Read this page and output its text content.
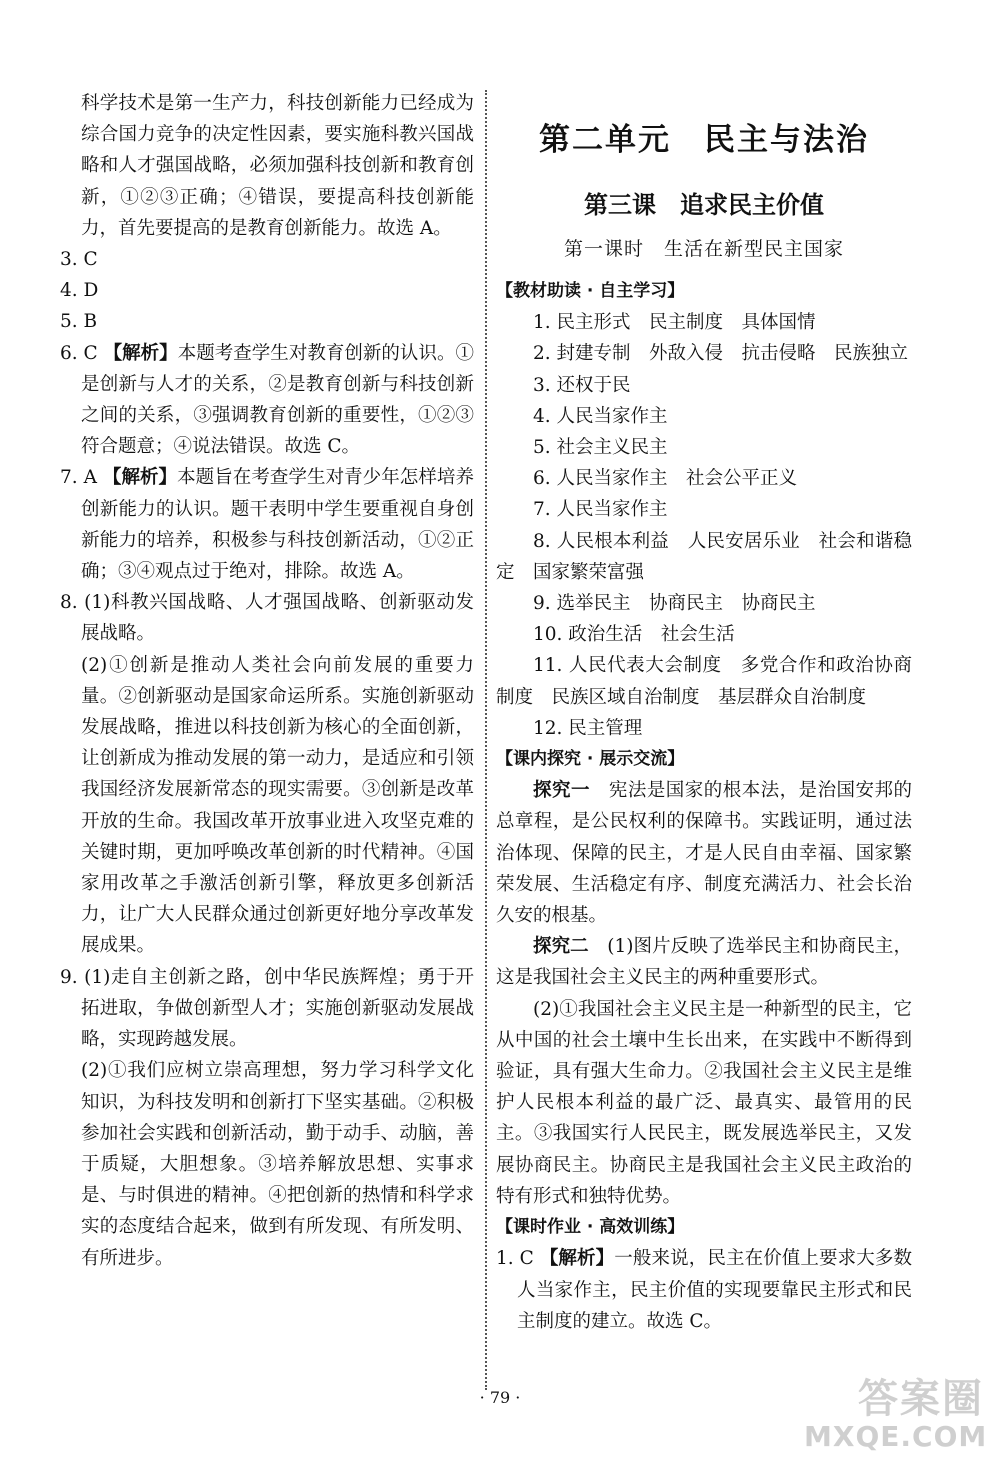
科学技术是第一生产力，科技创新能力已经成为综合国力竞争的决定性因素，要实施科教兴国战略和人才强国战略，必须加强科技创新和教育创新，①②③正确；④错误，要提高科技创新能力，首先要提高的是教育创新能力。故选 A。

3. C

4. D

5. B

6. C 【解析】本题考查学生对教育创新的认识。①是创新与人才的关系，②是教育创新与科技创新之间的关系，③强调教育创新的重要性，①②③符合题意；④说法错误。故选 C。

7. A 【解析】本题旨在考查学生对青少年怎样培养创新能力的认识。题干表明中学生要重视自身创新能力的培养，积极参与科技创新活动，①②正确；③④观点过于绝对，排除。故选 A。

8. (1)科教兴国战略、人才强国战略、创新驱动发展战略。

(2)①创新是推动人类社会向前发展的重要力量。②创新驱动是国家命运所系。实施创新驱动发展战略，推进以科技创新为核心的全面创新，让创新成为推动发展的第一动力，是适应和引领我国经济发展新常态的现实需要。③创新是改革开放的生命。我国改革开放事业进入攻坚克难的关键时期，更加呼唤改革创新的时代精神。④国家用改革之手激活创新引擎，释放更多创新活力，让广大人民群众通过创新更好地分享改革发展成果。

9. (1)走自主创新之路，创中华民族辉煌；勇于开拓进取，争做创新型人才；实施创新驱动发展战略，实现跨越发展。

(2)①我们应树立崇高理想，努力学习科学文化知识，为科技发明和创新打下坚实基础。②积极参加社会实践和创新活动，勤于动手、动脑，善于质疑，大胆想象。③培养解放思想、实事求是、与时俱进的精神。④把创新的热情和科学求实的态度结合起来，做到有所发现、有所发明、有所进步。

第二单元　民主与法治

第三课　追求民主价值

第一课时　生活在新型民主国家

【教材助读 · 自主学习】

1. 民主形式　民主制度　具体国情

2. 封建专制　外敌入侵　抗击侵略　民族独立

3. 还权于民

4. 人民当家作主

5. 社会主义民主

6. 人民当家作主　社会公平正义

7. 人民当家作主

8. 人民根本利益　人民安居乐业　社会和谐稳定　国家繁荣富强

9. 选举民主　协商民主　协商民主

10. 政治生活　社会生活

11. 人民代表大会制度　多党合作和政治协商制度　民族区域自治制度　基层群众自治制度

12. 民主管理

【课内探究 · 展示交流】

探究一　宪法是国家的根本法，是治国安邦的总章程，是公民权利的保障书。实践证明，通过法治体现、保障的民主，才是人民自由幸福、国家繁荣发展、生活稳定有序、制度充满活力、社会长治久安的根基。

探究二　(1)图片反映了选举民主和协商民主，这是我国社会主义民主的两种重要形式。

(2)①我国社会主义民主是一种新型的民主，它从中国的社会土壤中生长出来，在实践中不断得到验证，具有强大生命力。②我国社会主义民主是维护人民根本利益的最广泛、最真实、最管用的民主。③我国实行人民民主，既发展选举民主，又发展协商民主。协商民主是我国社会主义民主政治的特有形式和独特优势。

【课时作业 · 高效训练】

1. C 【解析】一般来说，民主在价值上要求大多数人当家作主，民主价值的实现要靠民主形式和民主制度的建立。故选 C。

· 79 ·	答案圈
MXQE.COM
